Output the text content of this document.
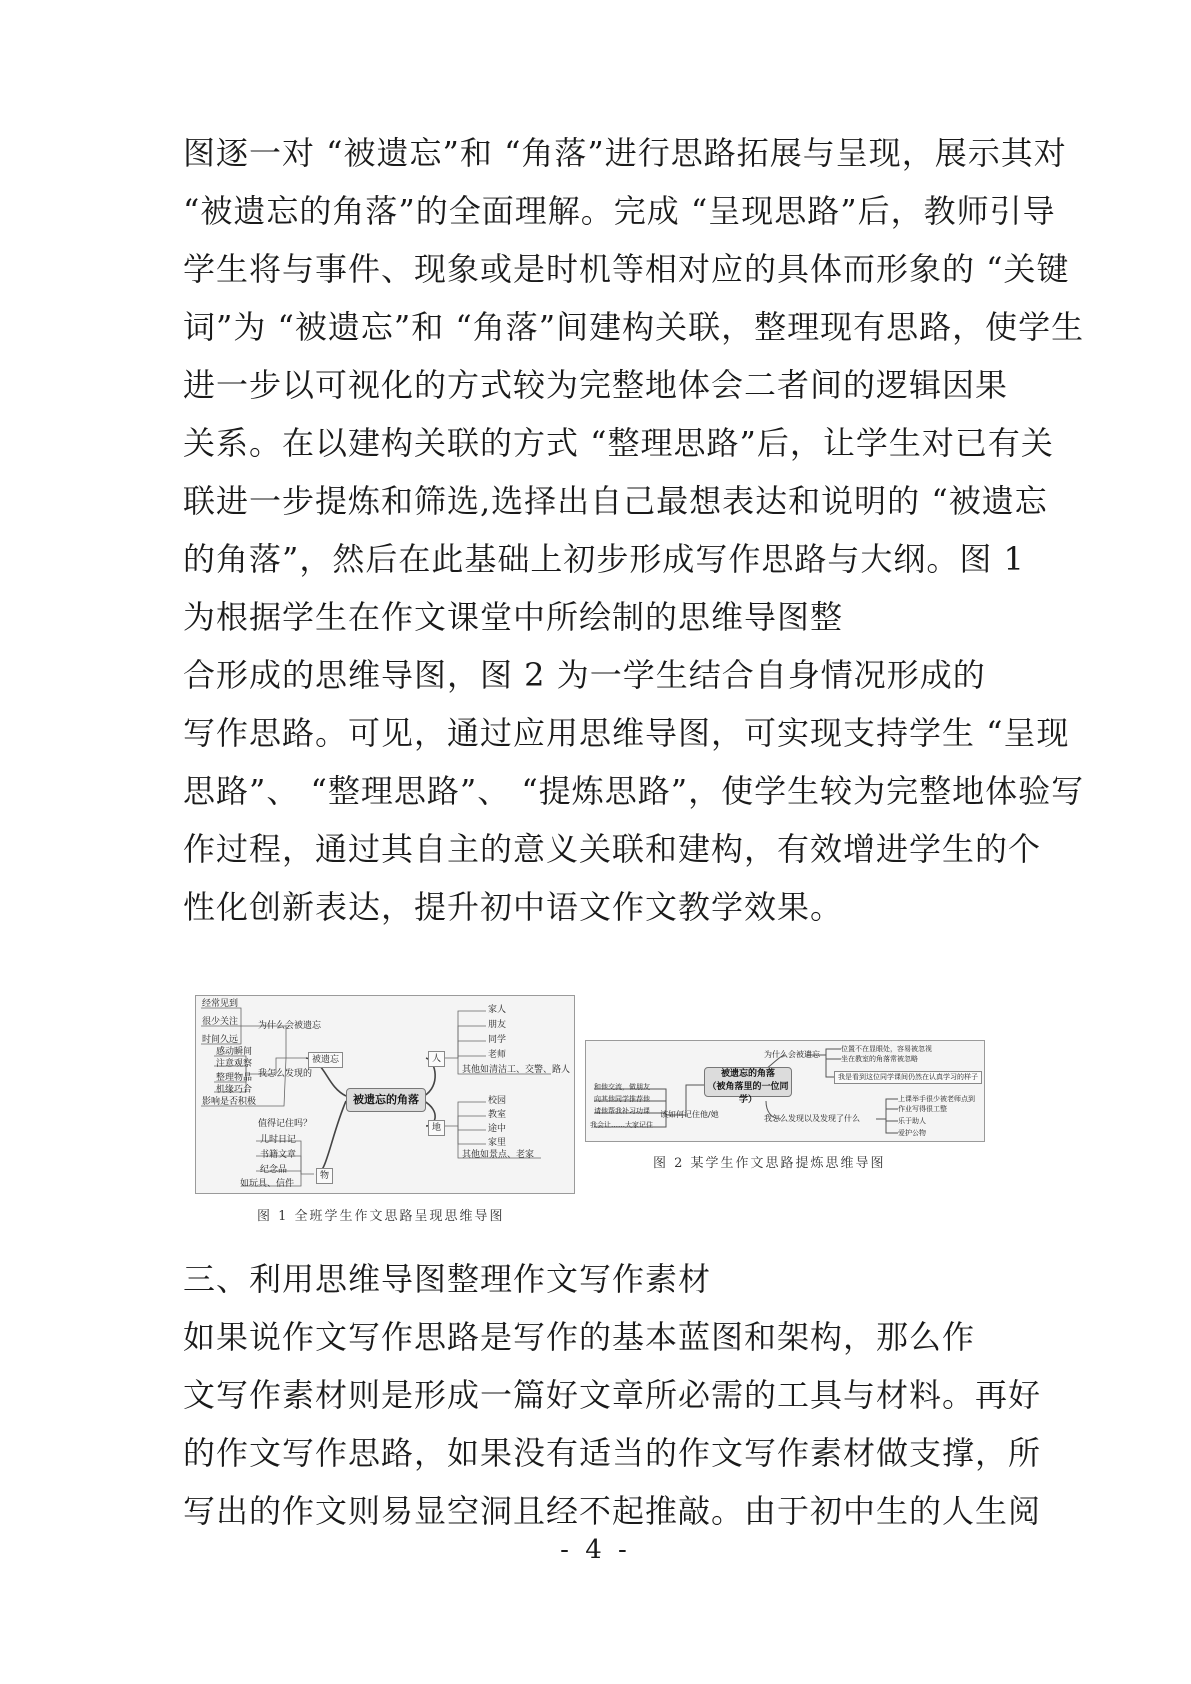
图逐一对 “被遗忘”和 “角落”进行思路拓展与呈现，展示其对
“被遗忘的角落”的全面理解。完成 “呈现思路”后，教师引导
学生将与事件、现象或是时机等相对应的具体而形象的 “关键
词”为 “被遗忘”和 “角落”间建构关联，整理现有思路，使学生
进一步以可视化的方式较为完整地体会二者间的逻辑因果
关系。在以建构关联的方式 “整理思路”后，让学生对已有关
联进一步提炼和筛选,选择出自己最想表达和说明的 “被遗忘
的角落”，然后在此基础上初步形成写作思路与大纲。图 1
为根据学生在作文课堂中所绘制的思维导图整
合形成的思维导图，图 2 为一学生结合自身情况形成的
写作思路。可见，通过应用思维导图，可实现支持学生 “呈现
思路”、 “整理思路”、 “提炼思路”，使学生较为完整地体验写
作过程，通过其自主的意义关联和建构，有效增进学生的个
性化创新表达，提升初中语文作文教学效果。
被遗忘的角落
被遗忘
为什么会被遗忘
经常见到
很少关注
时间久远
我怎么发现的
感动瞬间
注意观察
整理物品
机缘巧合
值得记住吗？
影响是否积极
人
家人
朋友
同学
老师
其他如清洁工、交警、路人
地
校园
教室
途中
家里
其他如景点、老家
物
儿时日记
书籍文章
纪念品
如玩具、信件
图 1 全班学生作文思路呈现思维导图
被遗忘的角落
（被角落里的一位同学）
为什么会被遗忘
位置不在显眼处，容易被忽视
坐在教室的角落常被忽略
我是看到这位同学课间仍然在认真学习的样子
我怎么发现以及发现了什么
上课举手很少被老师点到
作业写得很工整
乐于助人
爱护公物
该如何记住他/她
和他交流，做朋友
向其他同学推荐他
请他帮我补习功课
我会让……大家记住
图 2 某学生作文思路提炼思维导图
三、利用思维导图整理作文写作素材
如果说作文写作思路是写作的基本蓝图和架构，那么作
文写作素材则是形成一篇好文章所必需的工具与材料。再好
的作文写作思路，如果没有适当的作文写作素材做支撑，所
写出的作文则易显空洞且经不起推敲。由于初中生的人生阅
- 4 -
